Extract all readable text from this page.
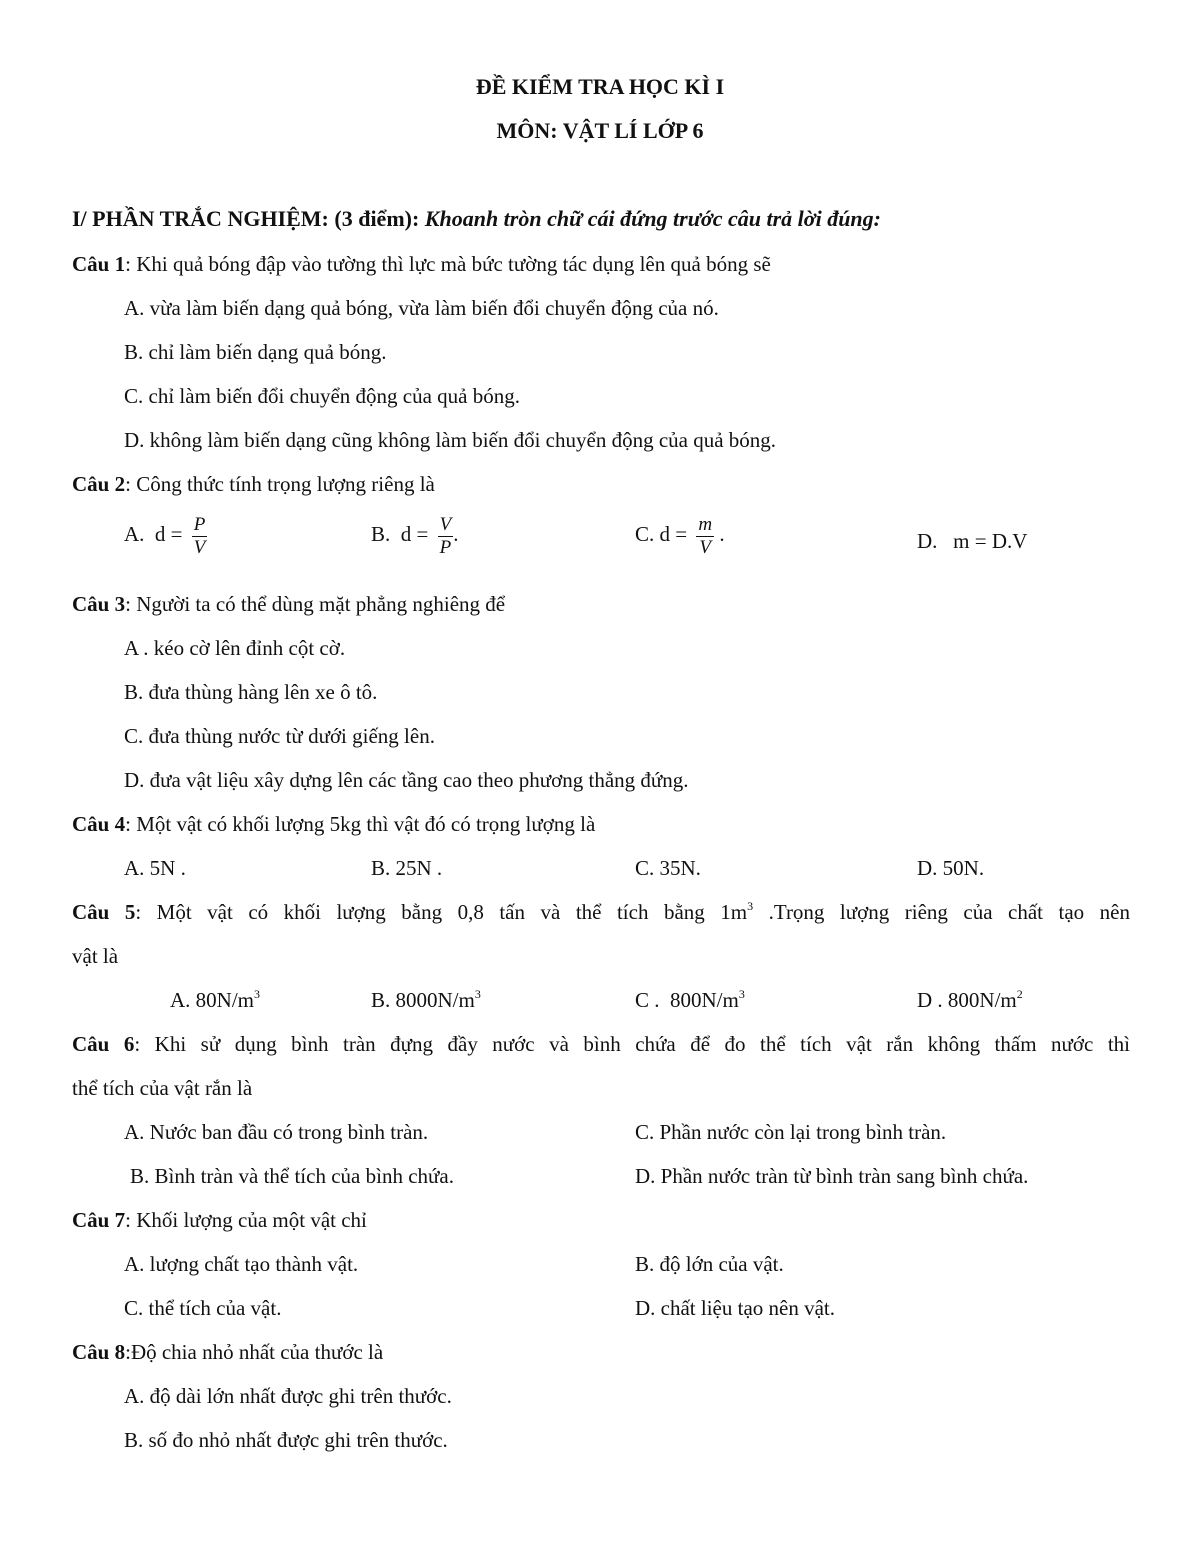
ĐỀ KIỂM TRA HỌC KÌ I
MÔN: VẬT LÍ LỚP 6
I/ PHẦN TRẮC NGHIỆM: (3 điểm): Khoanh tròn chữ cái đứng trước câu trả lời đúng:
Câu 1: Khi quả bóng đập vào tường thì lực mà bức tường tác dụng lên quả bóng sẽ
A. vừa làm biến dạng quả bóng, vừa làm biến đổi chuyển động của nó.
B. chỉ làm biến dạng quả bóng.
C. chỉ làm biến đổi chuyển động của quả bóng.
D. không làm biến dạng cũng không làm biến đổi chuyển động của quả bóng.
Câu 2: Công thức tính trọng lượng riêng là
A. $d = \frac{P}{V}$	B. $d = \frac{V}{P}$ .	C. $d = \frac{m}{V}$ .	D. m = D.V
Câu 3: Người ta có thể dùng mặt phẳng nghiêng để
A . kéo cờ lên đỉnh cột cờ.
B. đưa thùng hàng lên xe ô tô.
C. đưa thùng nước từ dưới giếng lên.
D. đưa vật liệu xây dựng lên các tầng cao theo phương thẳng đứng.
Câu 4: Một vật có khối lượng 5kg thì vật đó có trọng lượng là
A. 5N .	B. 25N .	C. 35N.	D. 50N.
Câu 5: Một vật có khối lượng bằng 0,8 tấn và thể tích bằng $1m^3$ .Trọng lượng riêng của chất tạo nên
vật là
A. $80N/m^3$	B. $8000N/m^3$	C .  $800N/m^3$	D . $800N/m^2$
Câu 6: Khi sử dụng bình tràn đựng đầy nước và bình chứa để đo thể tích vật rắn không thấm nước thì
thể tích của vật rắn là
A. Nước ban đầu có trong bình tràn.	C. Phần nước còn lại trong bình tràn.
B. Bình tràn và thể tích của bình chứa.	D. Phần nước tràn từ bình tràn sang bình chứa.
Câu 7: Khối lượng của một vật chỉ
A. lượng chất tạo thành vật.	B. độ lớn của vật.
C. thể tích của vật.	D. chất liệu tạo nên vật.
Câu 8:Độ chia nhỏ nhất của thước là
A. độ dài lớn nhất được ghi trên thước.
B. số đo nhỏ nhất được ghi trên thước.
